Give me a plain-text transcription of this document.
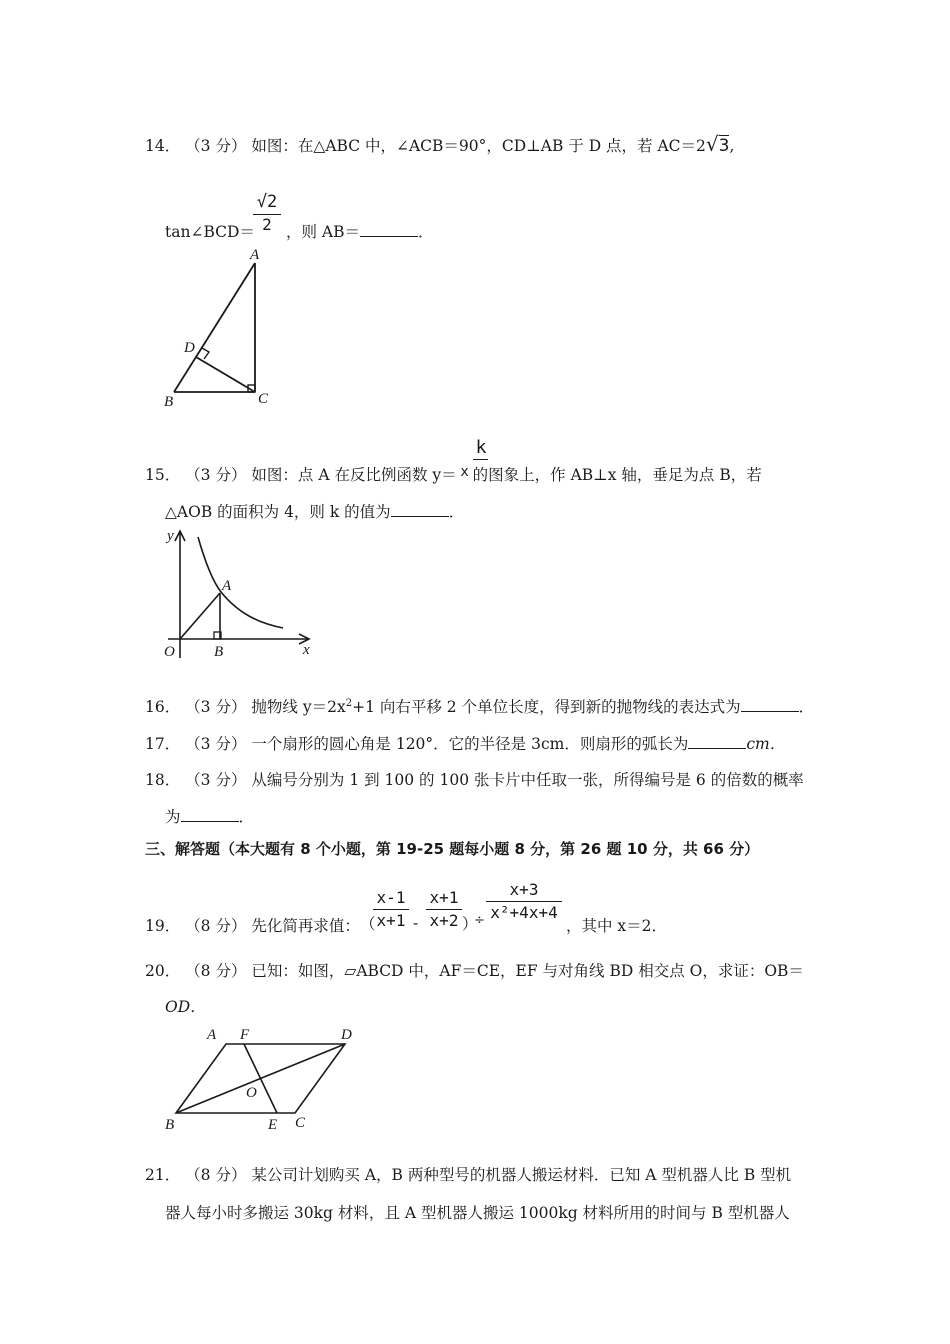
14． （3 分） 如图：在△ABC 中，∠ACB＝90°，CD⊥AB 于 D 点，若 AC＝2√3,
tan∠BCD＝
√2
2 ，则 AB＝	．
A
D
B	C
k
15． （3 分） 如图：点 A 在反比例函数 y＝ x 的图象上，作 AB⊥x 轴，垂足为点 B，若
△AOB 的面积为 4，则 k 的值为	．
y
x
O
A
B
16． （3 分） 抛物线 $y=2x^2+1$ 向右平移 2 个单位长度，得到新的抛物线的表达式为	．
17． （3 分） 一个扇形的圆心角是 120°．它的半径是 3cm．则扇形的弧长为	cm．
18． （3 分） 从编号分别为 1 到 100 的 100 张卡片中任取一张，所得编号是 6 的倍数的概率
为	．
三、解答题（本大题有 8 个小题，第 19-25 题每小题 8 分，第 26 题 10 分，共 66 分）
x-1 x+1	x+3
19． （8 分） 先化简再求值： （ x+1 - x+2 ）
÷ x²+4x+4
，其中 x＝2．
20． （8 分） 已知：如图，▱ABCD 中，AF＝CE，EF 与对角线 BD 相交点 O，求证：OB＝
OD．
A F	D
O
B	E C
21． （8 分） 某公司计划购买 A，B 两种型号的机器人搬运材料．已知 A 型机器人比 B 型机
器人每小时多搬运 30kg 材料，且 A 型机器人搬运 1000kg 材料所用的时间与 B 型机器人
